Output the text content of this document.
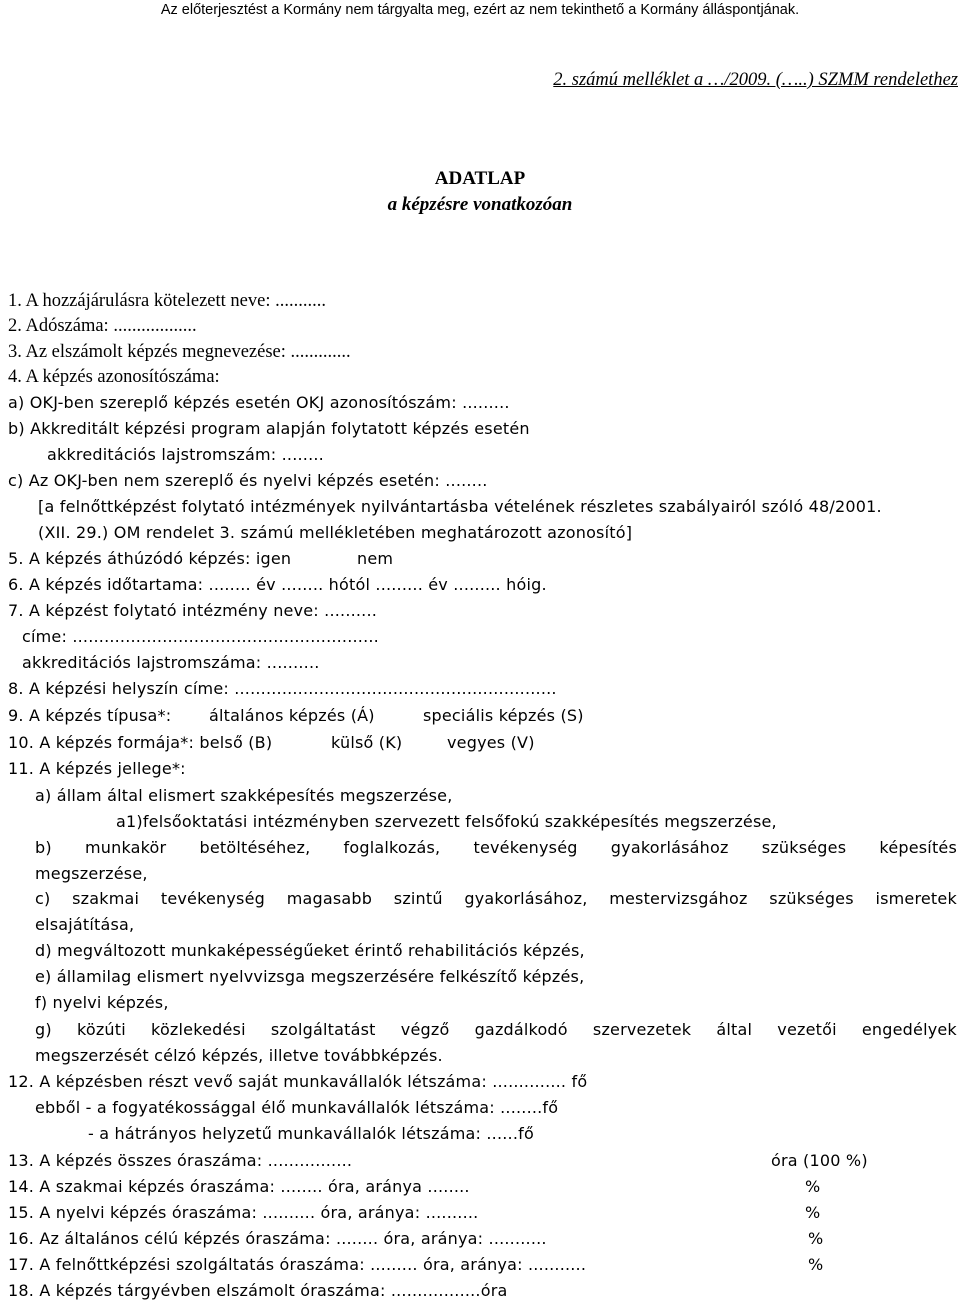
Az előterjesztést a Kormány nem tárgyalta meg, ezért az nem tekinthető a Kormány álláspontjának.
2. számú melléklet a …/2009. (…..) SZMM rendelethez
ADATLAP
a képzésre vonatkozóan
1. A hozzájárulásra kötelezett neve: ...........
2. Adószáma: ..................
3. Az elszámolt képzés megnevezése: .............
4. A képzés azonosítószáma:
a) OKJ-ben szereplő képzés esetén OKJ azonosítószám: .........
b) Akkreditált képzési program alapján folytatott képzés esetén
akkreditációs lajstromszám: ........
c) Az OKJ-ben nem szereplő és nyelvi képzés esetén: ........
[a felnőttképzést folytató intézmények nyilvántartásba vételének részletes szabályairól szóló 48/2001.
(XII. 29.) OM rendelet 3. számú mellékletében meghatározott azonosító]
5. A képzés áthúzódó képzés: igen	nem
6. A képzés időtartama: ........ év ........ hótól ......... év ......... hóig.
7. A képzést folytató intézmény neve: ..........
címe: ..........................................................
akkreditációs lajstromszáma: ..........
8. A képzési helyszín címe: .............................................................
9. A képzés típusa*: általános képzés (Á)	speciális képzés (S)
10. A képzés formája*: belső (B)	külső (K)	vegyes (V)
11. A képzés jellege*:
a) állam által elismert szakképesítés megszerzése,
a1)felsőoktatási intézményben szervezett felsőfokú szakképesítés megszerzése,
b) munkakör betöltéséhez, foglalkozás, tevékenység gyakorlásához szükséges képesítés
megszerzése,
c) szakmai tevékenység magasabb szintű gyakorlásához, mestervizsgához szükséges ismeretek
elsajátítása,
d) megváltozott munkaképességűeket érintő rehabilitációs képzés,
e) államilag elismert nyelvvizsga megszerzésére felkészítő képzés,
f) nyelvi képzés,
g) közúti közlekedési szolgáltatást végző gazdálkodó szervezetek által vezetői engedélyek
megszerzését célzó képzés, illetve továbbképzés.
12. A képzésben részt vevő saját munkavállalók létszáma: .............. fő
ebből - a fogyatékossággal élő munkavállalók létszáma: ........fő
- a hátrányos helyzetű munkavállalók létszáma: ......fő
13. A képzés összes óraszáma: ................	óra (100 %)
14. A szakmai képzés óraszáma: ........ óra, aránya ........	%
15. A nyelvi képzés óraszáma: .......... óra, aránya: ..........	%
16. Az általános célú képzés óraszáma: ........ óra, aránya: ...........	%
17. A felnőttképzési szolgáltatás óraszáma: ......... óra, aránya: ...........	%
18. A képzés tárgyévben elszámolt óraszáma: .................óra
